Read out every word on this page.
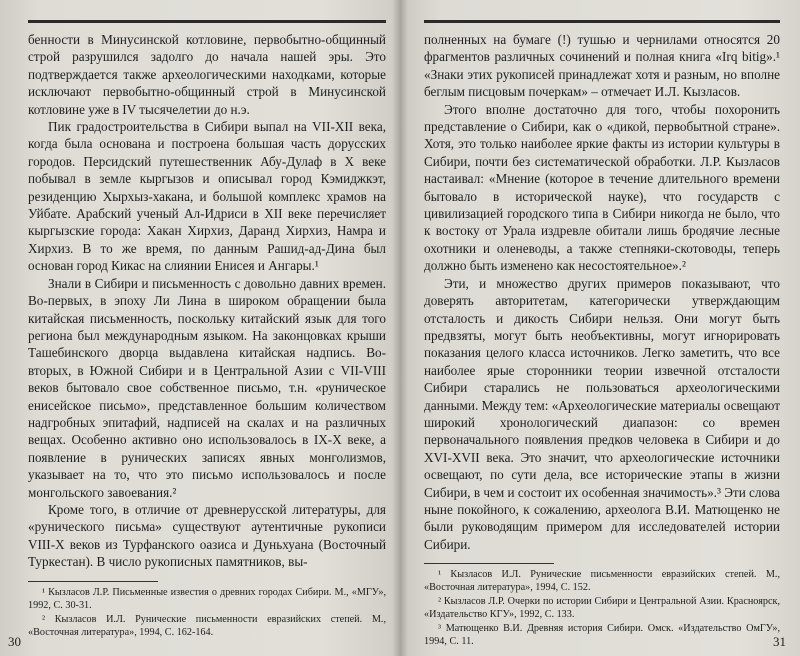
бенности в Минусинской котловине, первобытно-общинный строй разрушился задолго до начала нашей эры. Это подтверждается также археологическими находками, которые исключают первобытно-общинный строй в Минусинской котловине уже в IV тысячелетии до н.э.

Пик градостроительства в Сибири выпал на VII-XII века, когда была основана и построена большая часть дорусских городов. Персидский путешественник Абу-Дулаф в X веке побывал в земле кыргызов и описывал город Кэмиджкэт, резиденцию Хырхыз-хакана, и большой комплекс храмов на Уйбате. Арабский ученый Ал-Идриси в XII веке перечисляет кыргызские города: Хакан Хирхиз, Даранд Хирхиз, Намра и Хирхиз. В то же время, по данным Рашид-ад-Дина был основан город Кикас на слиянии Енисея и Ангары.¹

Знали в Сибири и письменность с довольно давних времен. Во-первых, в эпоху Ли Лина в широком обращении была китайская письменность, поскольку китайский язык для того региона был международным языком. На законцовках крыши Ташебинского дворца выдавлена китайская надпись. Во-вторых, в Южной Сибири и в Центральной Азии с VII-VIII веков бытовало свое собственное письмо, т.н. «руническое енисейское письмо», представленное большим количеством надгробных эпитафий, надписей на скалах и на различных вещах. Особенно активно оно использовалось в IX-X веке, а появление в рунических записях явных монголизмов, указывает на то, что это письмо использовалось и после монгольского завоевания.²

Кроме того, в отличие от древнерусской литературы, для «рунического письма» существуют аутентичные рукописи VIII-X веков из Турфанского оазиса и Дуньхуана (Восточный Туркестан). В число рукописных памятников, вы-

¹ Кызласов Л.Р. Письменные известия о древних городах Сибири. М., «МГУ», 1992, С. 30-31.

² Кызласов И.Л. Рунические письменности евразийских степей. М., «Восточная литература», 1994, С. 162-164.

30

полненных на бумаге (!) тушью и чернилами относятся 20 фрагментов различных сочинений и полная книга «Irq bitig».¹ «Знаки этих рукописей принадлежат хотя и разным, но вполне беглым писцовым почеркам» – отмечает И.Л. Кызласов.

Этого вполне достаточно для того, чтобы похоронить представление о Сибири, как о «дикой, первобытной стране». Хотя, это только наиболее яркие факты из истории культуры в Сибири, почти без систематической обработки. Л.Р. Кызласов настаивал: «Мнение (которое в течение длительного времени бытовало в исторической науке), что государств с цивилизацией городского типа в Сибири никогда не было, что к востоку от Урала издревле обитали лишь бродячие лесные охотники и оленеводы, а также степняки-скотоводы, теперь должно быть изменено как несостоятельное».²

Эти, и множество других примеров показывают, что доверять авторитетам, категорически утверждающим отсталость и дикость Сибири нельзя. Они могут быть предвзяты, могут быть необъективны, могут игнорировать показания целого класса источников. Легко заметить, что все наиболее ярые сторонники теории извечной отсталости Сибири старались не пользоваться археологическими данными. Между тем: «Археологические материалы освещают широкий хронологический диапазон: со времен первоначального появления предков человека в Сибири и до XVI-XVII века. Это значит, что археологические источники освещают, по сути дела, все исторические этапы в жизни Сибири, в чем и состоит их особенная значимость».³ Эти слова ныне покойного, к сожалению, археолога В.И. Матющенко не были руководящим примером для исследователей истории Сибири.

¹ Кызласов И.Л. Рунические письменности евразийских степей. М., «Восточная литература», 1994, С. 152.

² Кызласов Л.Р. Очерки по истории Сибири и Центральной Азии. Красноярск, «Издательство КГУ», 1992, С. 133.

³ Матющенко В.И. Древняя история Сибири. Омск. «Издательство ОмГУ», 1994, С. 11.	31
